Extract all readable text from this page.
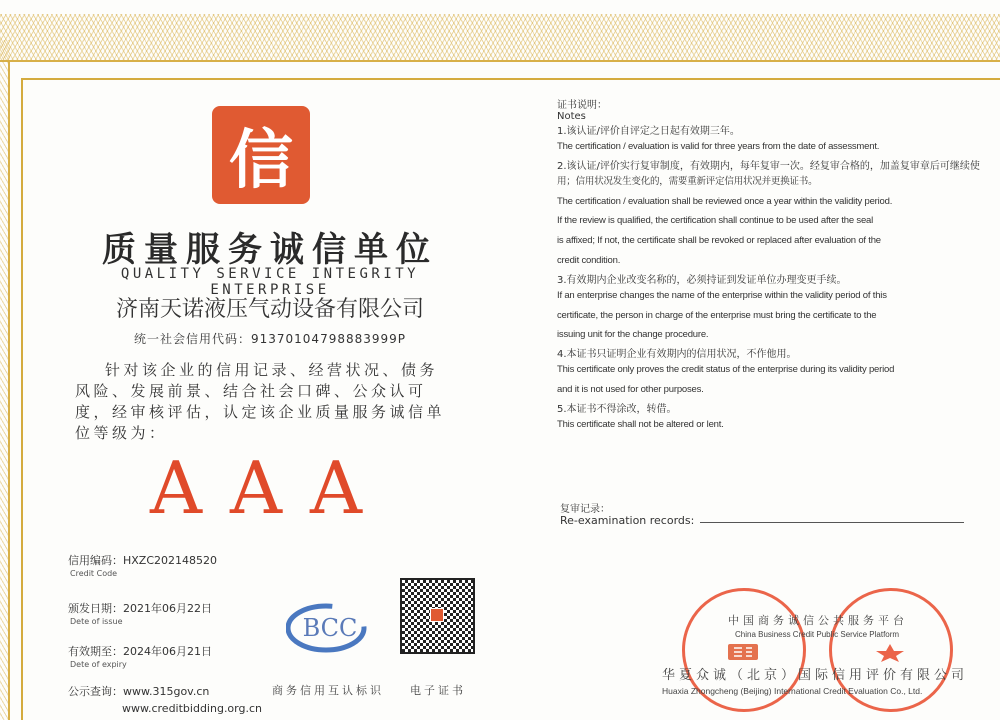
信
质量服务诚信单位
QUALITY SERVICE INTEGRITY ENTERPRISE
济南天诺液压气动设备有限公司
统一社会信用代码：91370104798883999P
针对该企业的信用记录、经营状况、债务风险、发展前景、结合社会口碑、公众认可度，经审核评估，认定该企业质量服务诚信单位等级为：
AAA
信用编码：HXZC202148520
Credit Code
颁发日期：2021年06月22日
Dete of issue
有效期至：2024年06月21日
Dete of expiry
公示查询：www.315gov.cn
www.creditbidding.org.cn
BCC
商务信用互认标识 电子证书
证书说明：
Notes
1.该认证/评价自评定之日起有效期三年。
The certification / evaluation is valid for three years from the date of assessment.
2.该认证/评价实行复审制度，有效期内，每年复审一次。经复审合格的，加盖复审章后可继续使
用；信用状况发生变化的，需要重新评定信用状况并更换证书。
The certification / evaluation shall be reviewed once a year within the validity period.
If the review is qualified, the certification shall continue to be used after the seal
is affixed; If not, the certificate shall be revoked or replaced after evaluation of the
credit condition.
3.有效期内企业改变名称的，必须持证到发证单位办理变更手续。
If an enterprise changes the name of the enterprise within the validity period of this
certificate, the person in charge of the enterprise must bring the certificate to the
issuing unit for the change procedure.
4.本证书只证明企业有效期内的信用状况，不作他用。
This certificate only proves the credit status of the enterprise during its validity period
and it is not used for other purposes.
5.本证书不得涂改，转借。
This certificate shall not be altered or lent.
复审记录：
Re-examination records:
中国商务诚信公共服务平台
China Business Credit Public Service Platform
华夏众诚（北京）国际信用评价有限公司
Huaxia Zhongcheng (Beijing) International Credit Evaluation Co., Ltd.
